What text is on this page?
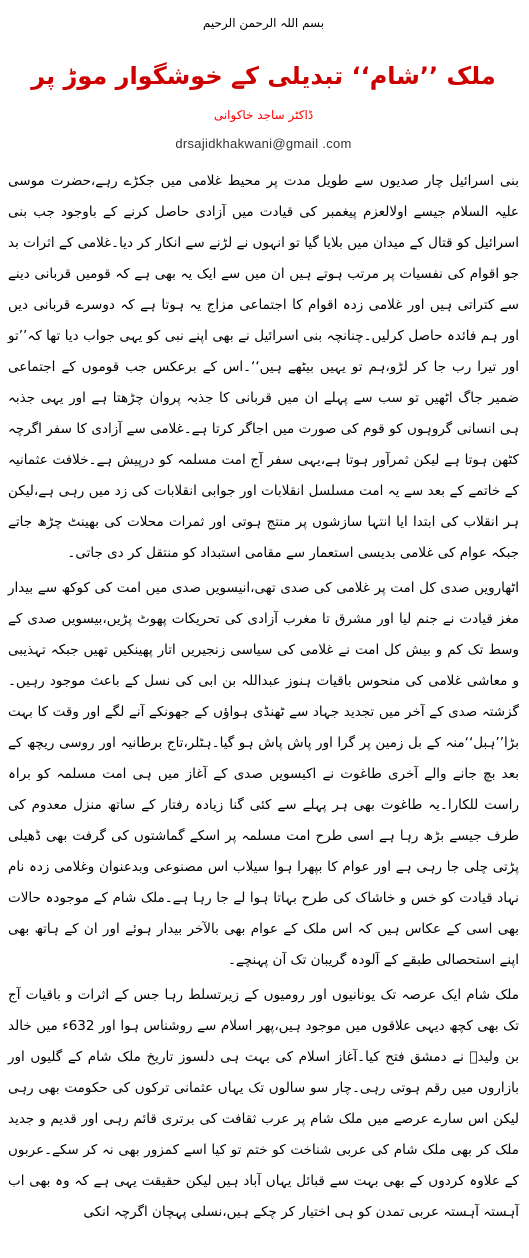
بسم اللہ الرحمن الرحیم
ملک ’’شام‘‘ تبدیلی کے خوشگوار موڑ پر
ڈاکٹر ساجد خاکوانی
drsajidkhakwani@gmail .com

بنی اسرائیل چار صدیوں سے طویل مدت پر محیط غلامی میں جکڑے رہے،حضرت موسی علیہ السلام جیسے اولالعزم پیغمبر کی قیادت میں آزادی حاصل کرنے کے باوجود جب بنی اسرائیل کو قتال کے میدان میں بلایا گیا تو انہوں نے لڑنے سے انکار کر دیا۔غلامی کے اثرات بد جو اقوام کی نفسیات پر مرتب ہوتے ہیں ان میں سے ایک یہ بھی ہے کہ قومیں قربانی دینے سے کتراتی ہیں اور غلامی زدہ اقوام کا اجتماعی مزاج یہ ہوتا ہے کہ دوسرے قربانی دیں اور ہم فائدہ حاصل کرلیں۔چنانچہ بنی اسرائیل نے بھی اپنے نبی کو یہی جواب دیا تھا کہ’’تو اور تیرا رب جا کر لڑو،ہم تو یہیں بیٹھے ہیں‘‘۔اس کے برعکس جب قوموں کے اجتماعی ضمیر جاگ اٹھیں تو سب سے پہلے ان میں قربانی کا جذبہ پروان چڑھتا ہے اور یہی جذبہ ہی انسانی گروہوں کو قوم کی صورت میں اجاگر کرتا ہے۔غلامی سے آزادی کا سفر اگرچہ کٹھن ہوتا ہے لیکن ثمرآور ہوتا ہے،یہی سفر آج امت مسلمہ کو درپیش ہے۔خلافت عثمانیہ کے خاتمے کے بعد سے یہ امت مسلسل انقلابات اور جوابی انقلابات کی زد میں رہی ہے،لیکن ہر انقلاب کی ابتدا ایا انتہا سازشوں پر منتج ہوتی اور ثمرات محلات کی بھینٹ چڑھ جاتے جبکہ عوام کی غلامی بدیسی استعمار سے مقامی استبداد کو منتقل کر دی جاتی۔

اٹھارویں صدی کل امت پر غلامی کی صدی تھی،انیسویں صدی میں امت کی کوکھ سے بیدار مغز قیادت نے جنم لیا اور مشرق تا مغرب آزادی کی تحریکات پھوٹ پڑیں،بیسویں صدی کے وسط تک کم و بیش کل امت نے غلامی کی سیاسی زنجیریں اتار پھینکیں تھیں جبکہ تہذیبی و معاشی غلامی کی منحوس باقیات ہنوز عبداللہ بن ابی کی نسل کے باعث موجود رہیں۔گزشتہ صدی کے آخر میں تجدید جہاد سے ٹھنڈی ہواؤں کے جھونکے آنے لگے اور وقت کا بہت بڑا’’ہبل‘‘منہ کے بل زمین پر گرا اور پاش پاش ہو گیا۔ہٹلر،تاج برطانیہ اور روسی ریچھ کے بعد بچ جانے والے آخری طاغوت نے اکیسویں صدی کے آغاز میں ہی امت مسلمہ کو براہ راست للکارا۔یہ طاغوت بھی ہر پہلے سے کئی گنا زیادہ رفتار کے ساتھ منزل معدوم کی طرف جیسے بڑھ رہا ہے اسی طرح امت مسلمہ پر اسکے گماشتوں کی گرفت بھی ڈھیلی پڑتی چلی جا رہی ہے اور عوام کا بپھرا ہوا سیلاب اس مصنوعی وبدعنوان وغلامی زدہ نام نہاد قیادت کو خس و خاشاک کی طرح بہاتا ہوا لے جا رہا ہے۔ملک شام کے موجودہ حالات بھی اسی کے عکاس ہیں کہ اس ملک کے عوام بھی بالآخر بیدار ہوئے اور ان کے ہاتھ بھی اپنے استحصالی طبقے کے آلودہ گریبان تک آن پہنچے۔

ملک شام ایک عرصہ تک یونانیوں اور رومیوں کے زیرتسلط رہا جس کے اثرات و باقیات آج تک بھی کچھ دیہی علاقوں میں موجود ہیں،پھر اسلام سے روشناس ہوا اور 632ء میں خالد بن ولیدؓ نے دمشق فتح کیا۔آغاز اسلام کی بہت ہی دلسوز تاریخ ملک شام کے گلیوں اور بازاروں میں رقم ہوتی رہی۔چار سو سالوں تک یہاں عثمانی ترکوں کی حکومت بھی رہی لیکن اس سارے عرصے میں ملک شام پر عرب ثقافت کی برتری قائم رہی اور قدیم و جدید ملک کر بھی ملک شام کی عربی شناخت کو ختم تو کیا اسے کمزور بھی نہ کر سکے۔عربوں کے علاوہ کردوں کے بھی بہت سے قبائل یہاں آباد ہیں لیکن حقیقت یہی ہے کہ وہ بھی اب آہستہ آہستہ عربی تمدن کو ہی اختیار کر چکے ہیں،نسلی پہچان اگرچہ انکی
